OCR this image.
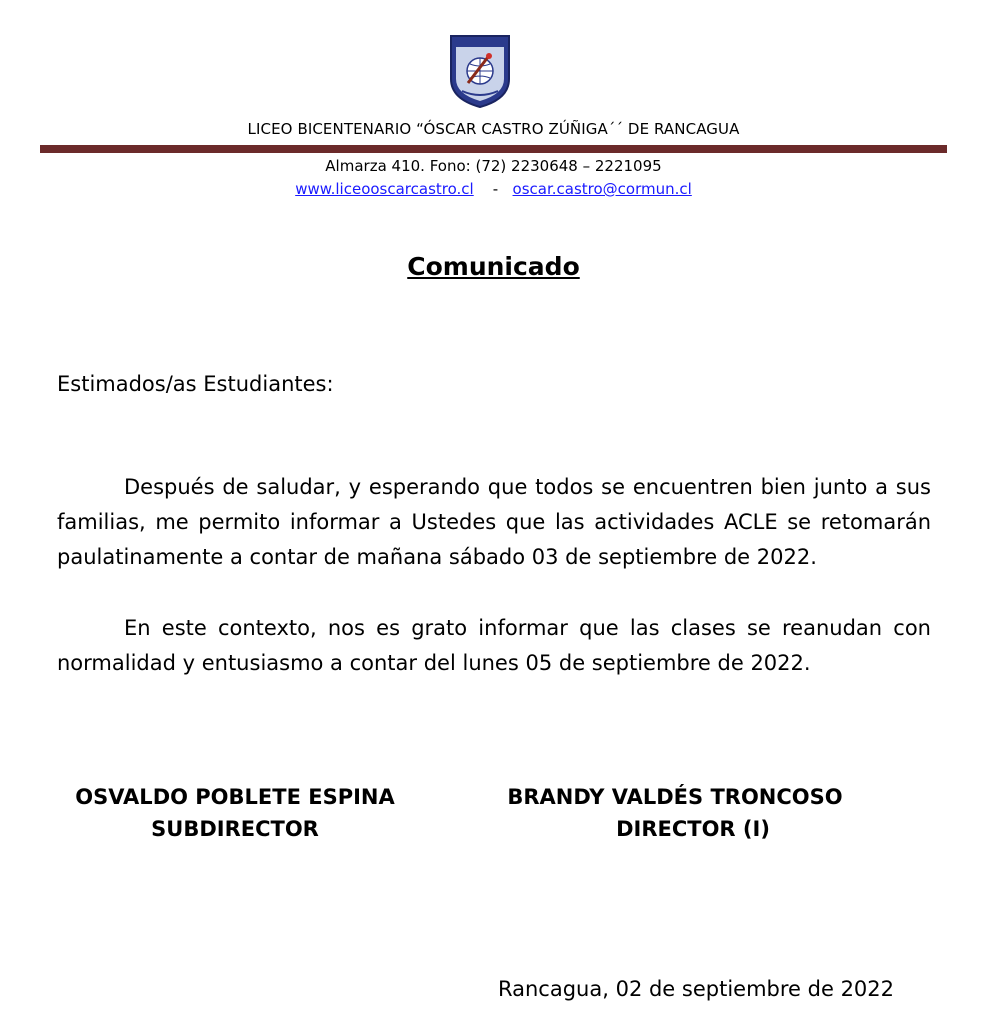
LICEO BICENTENARIO “ÓSCAR CASTRO ZÚÑIGA´´ DE RANCAGUA
Almarza 410. Fono: (72) 2230648 – 2221095
www.liceooscarcastro.cl - oscar.castro@cormun.cl
Comunicado
Estimados/as Estudiantes:

Después de saludar, y esperando que todos se encuentren bien junto a sus familias, me permito informar a Ustedes que las actividades ACLE se retomarán paulatinamente a contar de mañana sábado 03 de septiembre de 2022.

En este contexto, nos es grato informar que las clases se reanudan con normalidad y entusiasmo a contar del lunes 05 de septiembre de 2022.

OSVALDO POBLETE ESPINA
SUBDIRECTOR
BRANDY VALDÉS TRONCOSO
DIRECTOR (I)
Rancagua, 02 de septiembre de 2022
